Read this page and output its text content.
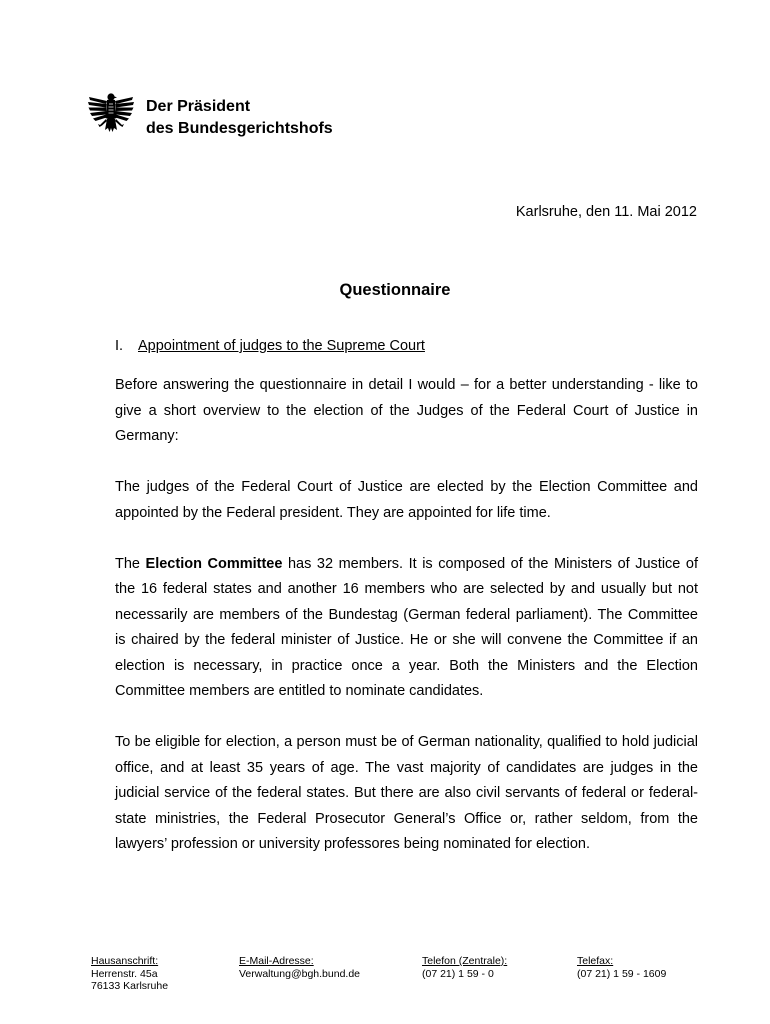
Der Präsident
des Bundesgerichtshofs
Karlsruhe, den 11. Mai 2012
Questionnaire
I. Appointment of judges to the Supreme Court

Before answering the questionnaire in detail I would – for a better understanding - like to give a short overview to the election of the Judges of the Federal Court of Justice in Germany:

The judges of the Federal Court of Justice are elected by the Election Committee and appointed by the Federal president. They are appointed for life time.

The Election Committee has 32 members. It is composed of the Ministers of Justice of the 16 federal states and another 16 members who are selected by and usually but not necessarily are members of the Bundestag (German federal parliament). The Committee is chaired by the federal minister of Justice. He or she will convene the Committee if an election is necessary, in practice once a year. Both the Ministers and the Election Committee members are entitled to nominate candidates.

To be eligible for election, a person must be of German nationality, qualified to hold judicial office, and at least 35 years of age. The vast majority of candidates are judges in the judicial service of the federal states. But there are also civil servants of federal or federal-state ministries, the Federal Prosecutor General’s Office or, rather seldom, from the lawyers’ profession or university professores being nominated for election.

Hausanschrift:
Herrenstr. 45a
76133 Karlsruhe
E-Mail-Adresse:
Verwaltung@bgh.bund.de
Telefon (Zentrale):
(07 21) 1 59 - 0
Telefax:
(07 21) 1 59 - 1609
